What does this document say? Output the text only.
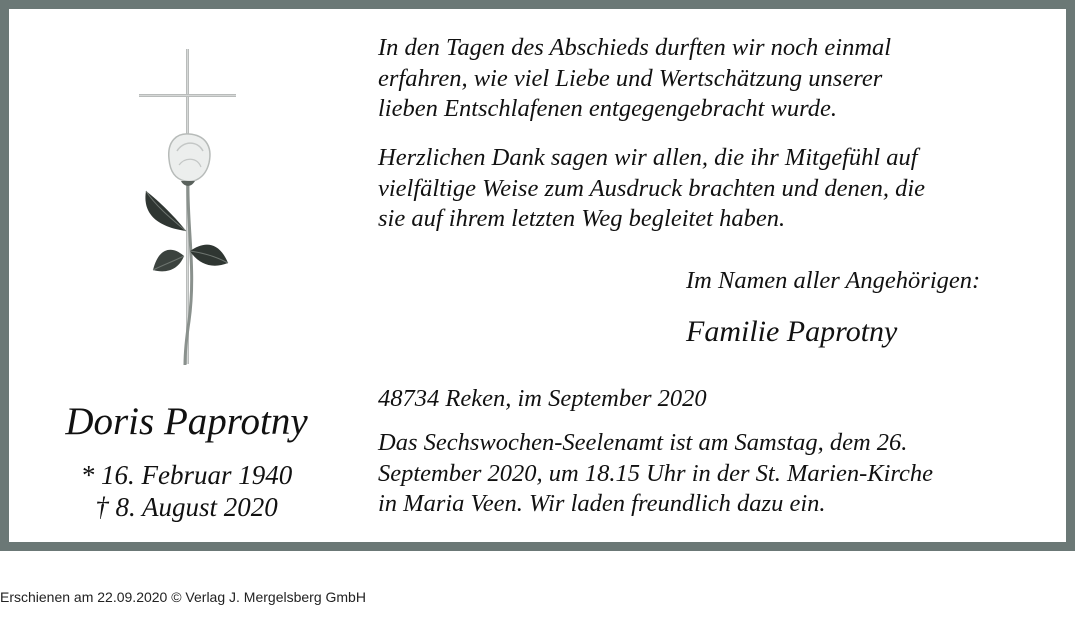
Doris Paprotny
* 16. Februar 1940
† 8. August 2020
In den Tagen des Abschieds durften wir noch einmal
erfahren, wie viel Liebe und Wertschätzung unserer
lieben Entschlafenen entgegengebracht wurde.
Herzlichen Dank sagen wir allen, die ihr Mitgefühl auf
vielfältige Weise zum Ausdruck brachten und denen, die
sie auf ihrem letzten Weg begleitet haben.
Im Namen aller Angehörigen:
Familie Paprotny
48734 Reken, im September 2020
Das Sechswochen-Seelenamt ist am Samstag, dem 26.
September 2020, um 18.15 Uhr in der St. Marien-Kirche
in Maria Veen. Wir laden freundlich dazu ein.
Erschienen am 22.09.2020 © Verlag J. Mergelsberg GmbH
